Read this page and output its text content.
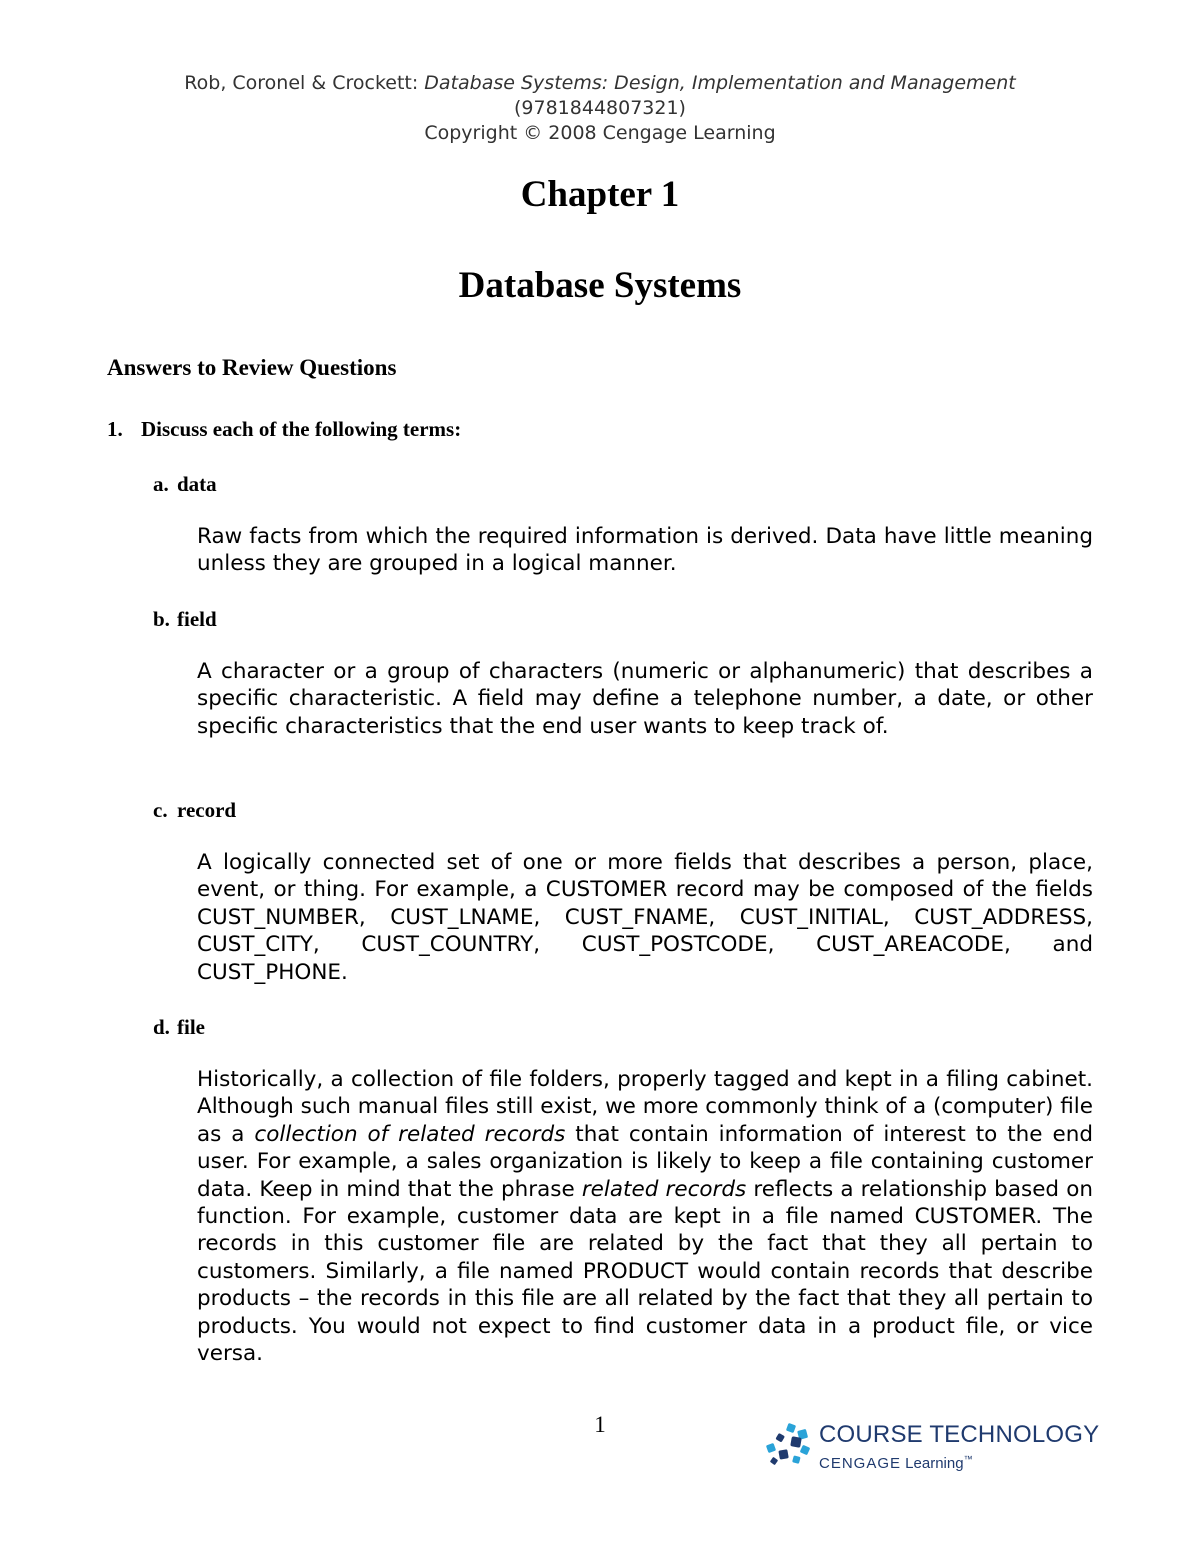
Rob, Coronel & Crockett: Database Systems: Design, Implementation and Management
(9781844807321)
Copyright © 2008 Cengage Learning
Chapter 1
Database Systems
Answers to Review Questions
1. Discuss each of the following terms:
a. data
Raw facts from which the required information is derived. Data have little meaning unless they are grouped in a logical manner.
b. field
A character or a group of characters (numeric or alphanumeric) that describes a specific characteristic. A field may define a telephone number, a date, or other specific characteristics that the end user wants to keep track of.
c. record
A logically connected set of one or more fields that describes a person, place, event, or thing. For example, a CUSTOMER record may be composed of the fields CUST_NUMBER, CUST_LNAME, CUST_FNAME, CUST_INITIAL, CUST_ADDRESS, CUST_CITY, CUST_COUNTRY, CUST_POSTCODE, CUST_AREACODE, and CUST_PHONE.
d. file
Historically, a collection of file folders, properly tagged and kept in a filing cabinet. Although such manual files still exist, we more commonly think of a (computer) file as a collection of related records that contain information of interest to the end user. For example, a sales organization is likely to keep a file containing customer data. Keep in mind that the phrase related records reflects a relationship based on function. For example, customer data are kept in a file named CUSTOMER. The records in this customer file are related by the fact that they all pertain to customers. Similarly, a file named PRODUCT would contain records that describe products – the records in this file are all related by the fact that they all pertain to products. You would not expect to find customer data in a product file, or vice versa.
1	COURSE TECHNOLOGY
CENGAGE Learning™
